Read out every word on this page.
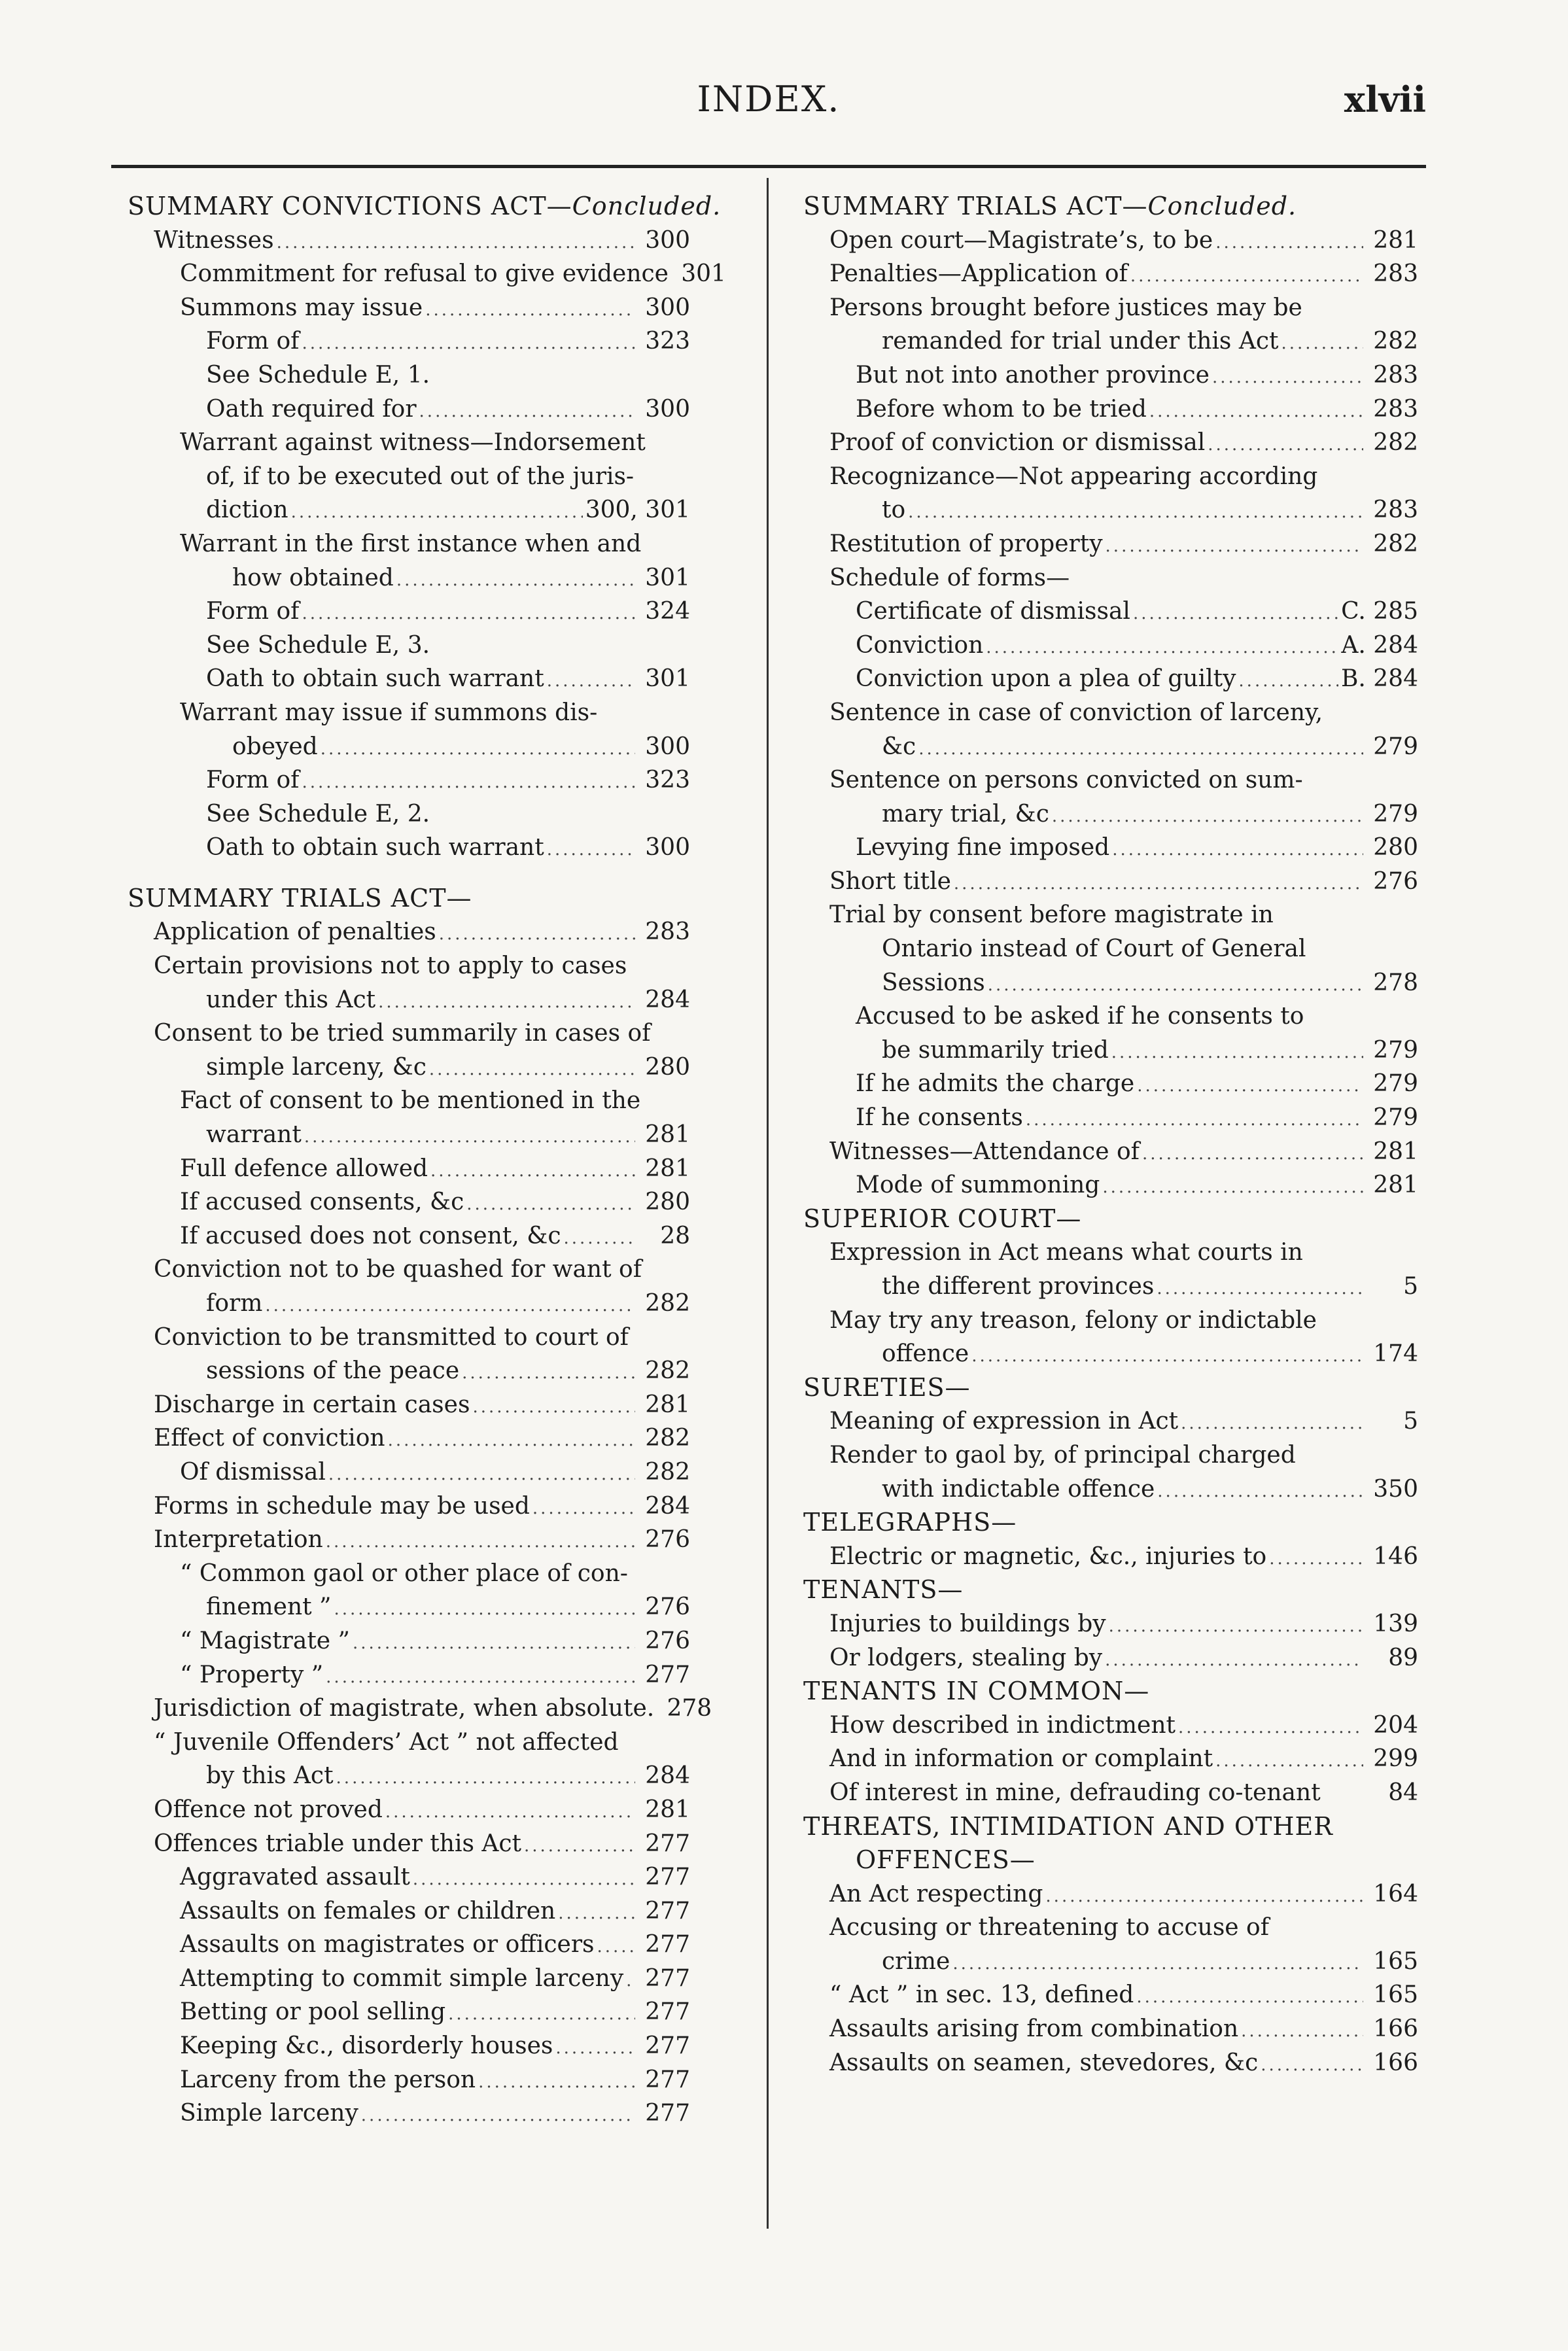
INDEX.	xlvii
SUMMARY CONVICTIONS ACT— Concluded.
Witnesses .....	300
Commitment for refusal to give evidence 301
Summons may issue .....	300
Form of .....	323
See Schedule E, 1.
Oath required for .....	300
Warrant against witness—Indorsement
of, if to be executed out of the juris-
diction .....	300, 301
Warrant in the first instance when and
how obtained .....	301
Form of .....	324
See Schedule E, 3.
Oath to obtain such warrant .....	301
Warrant may issue if summons dis-
obeyed .....	300
Form of .....	323
See Schedule E, 2.
Oath to obtain such warrant .....	300
SUMMARY TRIALS ACT—
Application of penalties .....	283
Certain provisions not to apply to cases
under this Act .....	284
Consent to be tried summarily in cases of
simple larceny, &c .....	280
Fact of consent to be mentioned in the
warrant .....	281
Full defence allowed .....	281
If accused consents, &c .....	280
If accused does not consent, &c .....	28
Conviction not to be quashed for want of
form .....	282
Conviction to be transmitted to court of
sessions of the peace .....	282
Discharge in certain cases .....	281
Effect of conviction .....	282
Of dismissal .....	282
Forms in schedule may be used .....	284
Interpretation .....	276
“ Common gaol or other place of con-
finement ” .....	276
“ Magistrate ” .....	276
“ Property ” .....	277
Jurisdiction of magistrate, when absolute. 278
“ Juvenile Offenders’ Act ” not affected
by this Act .....	284
Offence not proved .....	281
Offences triable under this Act .....	277
Aggravated assault .....	277
Assaults on females or children .....	277
Assaults on magistrates or officers .....	277
Attempting to commit simple larceny ..... 277
Betting or pool selling .....	277
Keeping &c., disorderly houses .....	277
Larceny from the person .....	277
Simple larceny .....	277
SUMMARY TRIALS ACT— Concluded.
Open court—Magistrate’s, to be .....	281
Penalties—Application of .....	283
Persons brought before justices may be
remanded for trial under this Act .....	282
But not into another province .....	283
Before whom to be tried .....	283
Proof of conviction or dismissal .....	282
Recognizance—Not appearing according
to .....	283
Restitution of property .....	282
Schedule of forms—
Certificate of dismissal .....	C. 285
Conviction .....	A. 284
Conviction upon a plea of guilty .....	B. 284
Sentence in case of conviction of larceny,
&c .....	279
Sentence on persons convicted on sum-
mary trial, &c .....	279
Levying fine imposed .....	280
Short title .....	276
Trial by consent before magistrate in
Ontario instead of Court of General
Sessions .....	278
Accused to be asked if he consents to
be summarily tried .....	279
If he admits the charge .....	279
If he consents .....	279
Witnesses—Attendance of .....	281
Mode of summoning .....	281
SUPERIOR COURT—
Expression in Act means what courts in
the different provinces .....	5
May try any treason, felony or indictable
offence .....	174
SURETIES—
Meaning of expression in Act .....	5
Render to gaol by, of principal charged
with indictable offence .....	350
TELEGRAPHS—
Electric or magnetic, &c., injuries to .....	146
TENANTS—
Injuries to buildings by .....	139
Or lodgers, stealing by .....	89
TENANTS IN COMMON—
How described in indictment .....	204
And in information or complaint .....	299
Of interest in mine, defrauding co-tenant	84
THREATS, INTIMIDATION AND OTHER
OFFENCES—
An Act respecting .....	164
Accusing or threatening to accuse of
crime .....	165
“ Act ” in sec. 13, defined .....	165
Assaults arising from combination .....	166
Assaults on seamen, stevedores, &c .....	166
